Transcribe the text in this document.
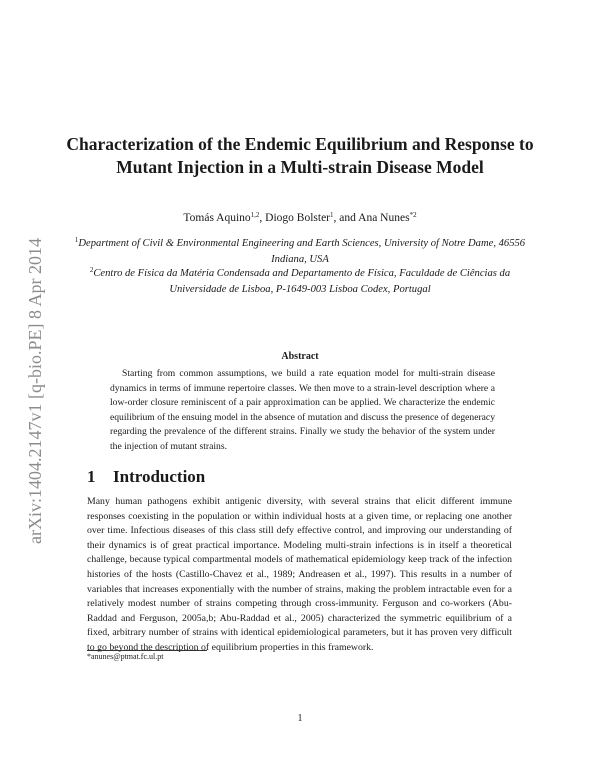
arXiv:1404.2147v1 [q-bio.PE] 8 Apr 2014
Characterization of the Endemic Equilibrium and Response to Mutant Injection in a Multi-strain Disease Model
Tomás Aquino$^{1,2}$, Diogo Bolster$^1$, and Ana Nunes$^{*2}$
$^1$Department of Civil & Environmental Engineering and Earth Sciences, University of Notre Dame, 46556 Indiana, USA
$^2$Centro de Física da Matéria Condensada and Departamento de Física, Faculdade de Ciências da Universidade de Lisboa, P-1649-003 Lisboa Codex, Portugal
Abstract
Starting from common assumptions, we build a rate equation model for multi-strain disease dynamics in terms of immune repertoire classes. We then move to a strain-level description where a low-order closure reminiscent of a pair approximation can be applied. We characterize the endemic equilibrium of the ensuing model in the absence of mutation and discuss the presence of degeneracy regarding the prevalence of the different strains. Finally we study the behavior of the system under the injection of mutant strains.
1 Introduction
Many human pathogens exhibit antigenic diversity, with several strains that elicit different immune responses coexisting in the population or within individual hosts at a given time, or replacing one another over time. Infectious diseases of this class still defy effective control, and improving our understanding of their dynamics is of great practical importance. Modeling multi-strain infections is in itself a theoretical challenge, because typical compartmental models of mathematical epidemiology keep track of the infection histories of the hosts (Castillo-Chavez et al., 1989; Andreasen et al., 1997). This results in a number of variables that increases exponentially with the number of strains, making the problem intractable even for a relatively modest number of strains competing through cross-immunity. Ferguson and co-workers (Abu-Raddad and Ferguson, 2005a,b; Abu-Raddad et al., 2005) characterized the symmetric equilibrium of a fixed, arbitrary number of strains with identical epidemiological parameters, but it has proven very difficult to go beyond the description of equilibrium properties in this framework.
*anunes@ptmat.fc.ul.pt
1
